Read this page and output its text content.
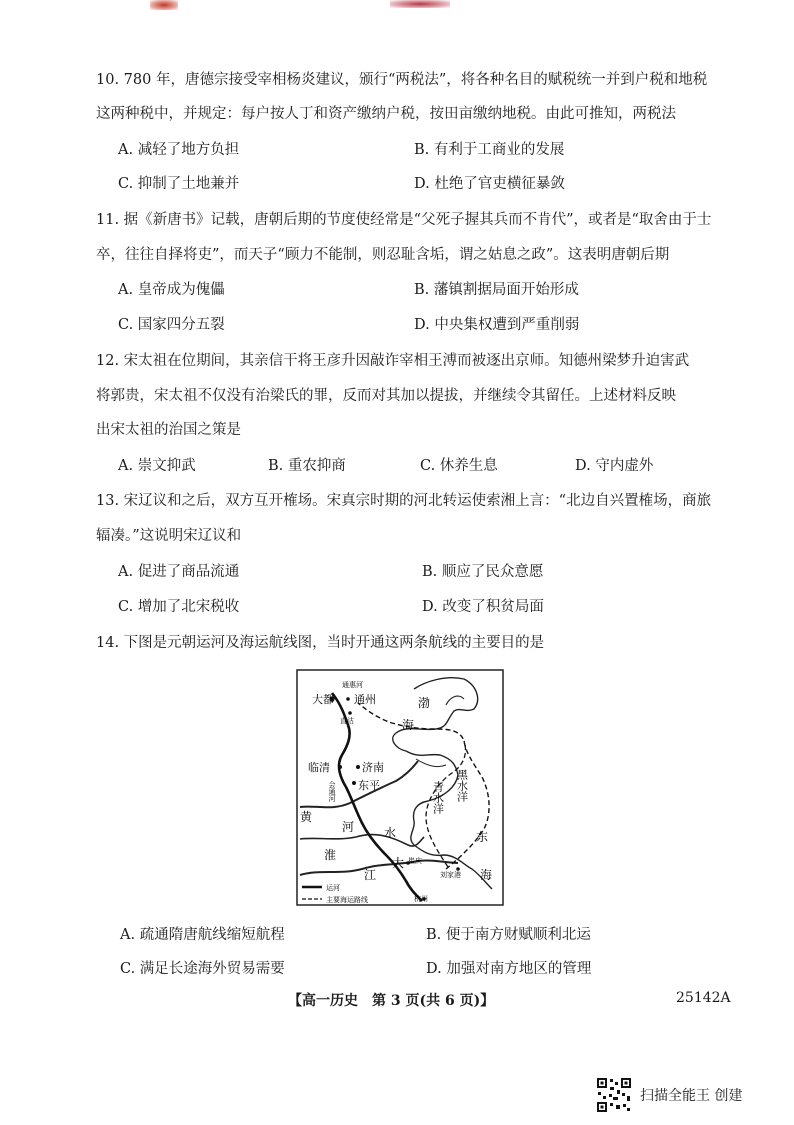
10. 780 年，唐德宗接受宰相杨炎建议，颁行“两税法”，将各种名目的赋税统一并到户税和地税
这两种税中，并规定：每户按人丁和资产缴纳户税，按田亩缴纳地税。由此可推知，两税法
A. 减轻了地方负担	B. 有利于工商业的发展
C. 抑制了土地兼并	D. 杜绝了官吏横征暴敛
11. 据《新唐书》记载，唐朝后期的节度使经常是“父死子握其兵而不肯代”，或者是“取舍由于士
卒，往往自择将吏”，而天子“顾力不能制，则忍耻含垢，谓之姑息之政”。这表明唐朝后期
A. 皇帝成为傀儡	B. 藩镇割据局面开始形成
C. 国家四分五裂	D. 中央集权遭到严重削弱
12. 宋太祖在位期间，其亲信干将王彦升因敲诈宰相王溥而被逐出京师。知德州梁梦升迫害武
将郭贵，宋太祖不仅没有治梁氏的罪，反而对其加以提拔，并继续令其留任。上述材料反映
出宋太祖的治国之策是
A. 崇文抑武	B. 重农抑商	C. 休养生息	D. 守内虚外
13. 宋辽议和之后，双方互开榷场。宋真宗时期的河北转运使索湘上言：“北边自兴置榷场，商旅
辐凑。”这说明宋辽议和
A. 促进了商品流通	B. 顺应了民众意愿
C. 增加了北宋税收	D. 改变了积贫局面
14. 下图是元朝运河及海运航线图，当时开通这两条航线的主要目的是
通惠河
大都 通州
直沽
渤
海
临清
会通河
济南
东平
黄
河 水
淮
青水洋 黑水洋
江
大 崔庆
东
刘家港 海
杭州
运河
主要海运路线
A. 疏通隋唐航线缩短航程	B. 便于南方财赋顺利北运
C. 满足长途海外贸易需要	D. 加强对南方地区的管理
【高一历史　第 3 页(共 6 页)】	25142A
扫描全能王 创建
